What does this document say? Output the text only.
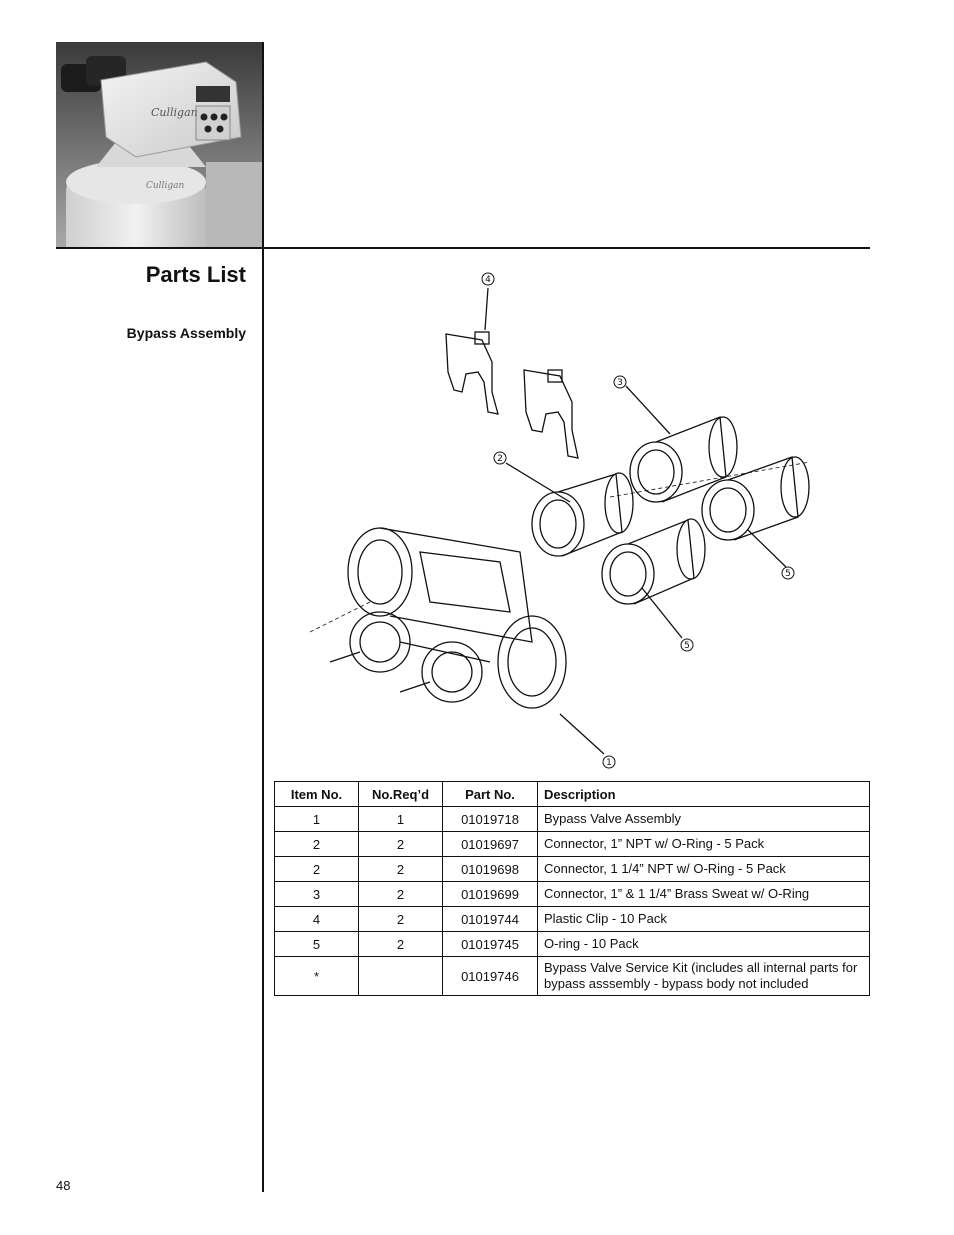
Culligan
Culligan
Parts List
Bypass Assembly
4
3
2
5
5
1
Item No.	No.Req’d	Part No.	Description
1	1	01019718	Bypass Valve Assembly
2	2	01019697	Connector, 1” NPT w/ O-Ring - 5 Pack
2	2	01019698	Connector, 1 1/4” NPT w/ O-Ring - 5 Pack
3	2	01019699	Connector, 1” & 1 1/4” Brass Sweat w/ O-Ring
4	2	01019744	Plastic Clip - 10 Pack
5	2	01019745	O-ring - 10 Pack
*		01019746	Bypass Valve Service Kit (includes all internal parts for bypass asssembly - bypass body not included
48
